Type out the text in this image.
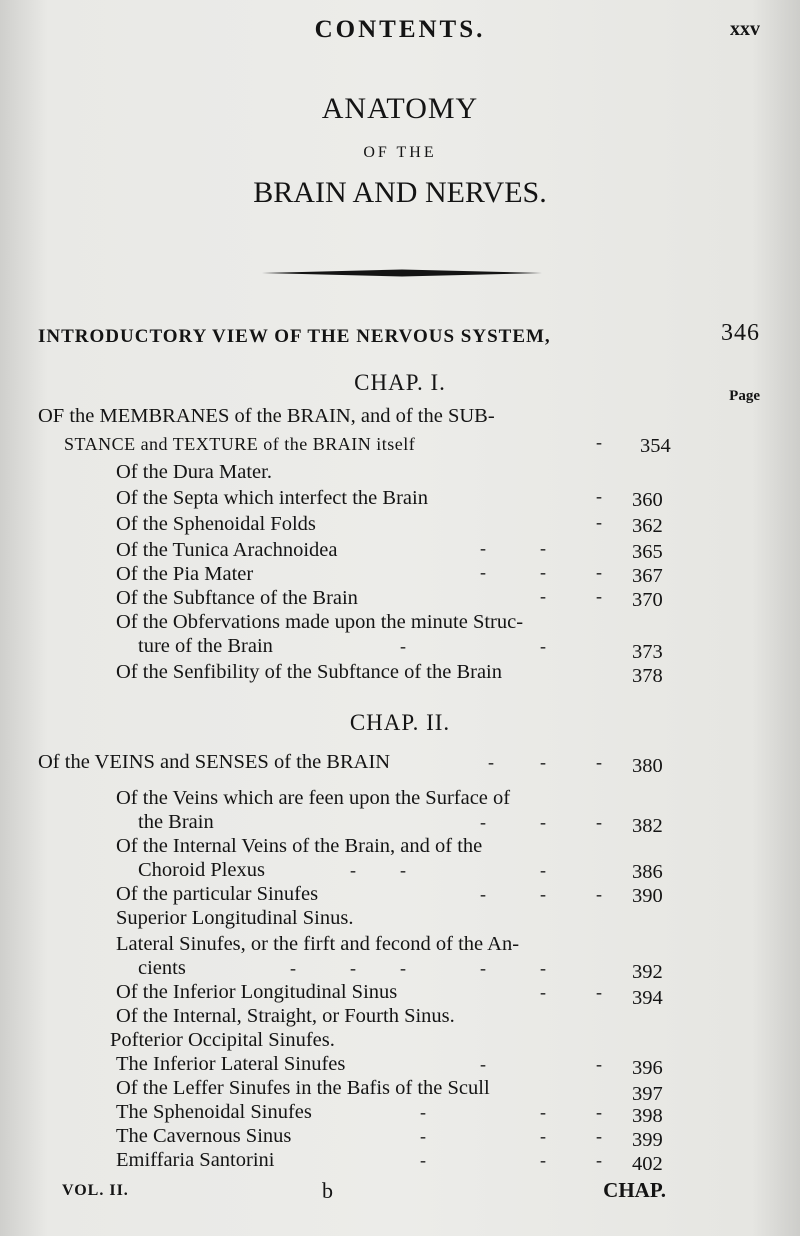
CONTENTS.	xxv
ANATOMY
OF THE
BRAIN AND NERVES.
INTRODUCTORY VIEW OF THE NERVOUS SYSTEM,	346
CHAP. I.
Page
OF the MEMBRANES of the BRAIN, and of the SUB-
STANCE and TEXTURE of the BRAIN itself	- 354
Of the Dura Mater.
Of the Septa which interfect the Brain	- 360
Of the Sphenoidal Folds	- 362
Of the Tunica Arachnoidea	-	-	365
Of the Pia Mater	-	-	- 367
Of the Subftance of the Brain	-	- 370
Of the Obfervations made upon the minute Struc-
ture of the Brain	-	-	373
Of the Senfibility of the Subftance of the Brain	378
CHAP. II.
Of the VEINS and SENSES of the BRAIN	-	-	- 380
Of the Veins which are feen upon the Surface of
the Brain	-	-	- 382
Of the Internal Veins of the Brain, and of the
Choroid Plexus	- -	-	386
Of the particular Sinufes	-	-	- 390
Superior Longitudinal Sinus.
Lateral Sinufes, or the firft and fecond of the An-
cients	-	- -	-	-	392
Of the Inferior Longitudinal Sinus	-	- 394
Of the Internal, Straight, or Fourth Sinus.
Pofterior Occipital Sinufes.
The Inferior Lateral Sinufes	-	- 396
Of the Leffer Sinufes in the Bafis of the Scull	397
The Sphenoidal Sinufes	-	-	- 398
The Cavernous Sinus	-	-	- 399
Emiffaria Santorini	-	-	- 402
VOL. II.	b	CHAP.
